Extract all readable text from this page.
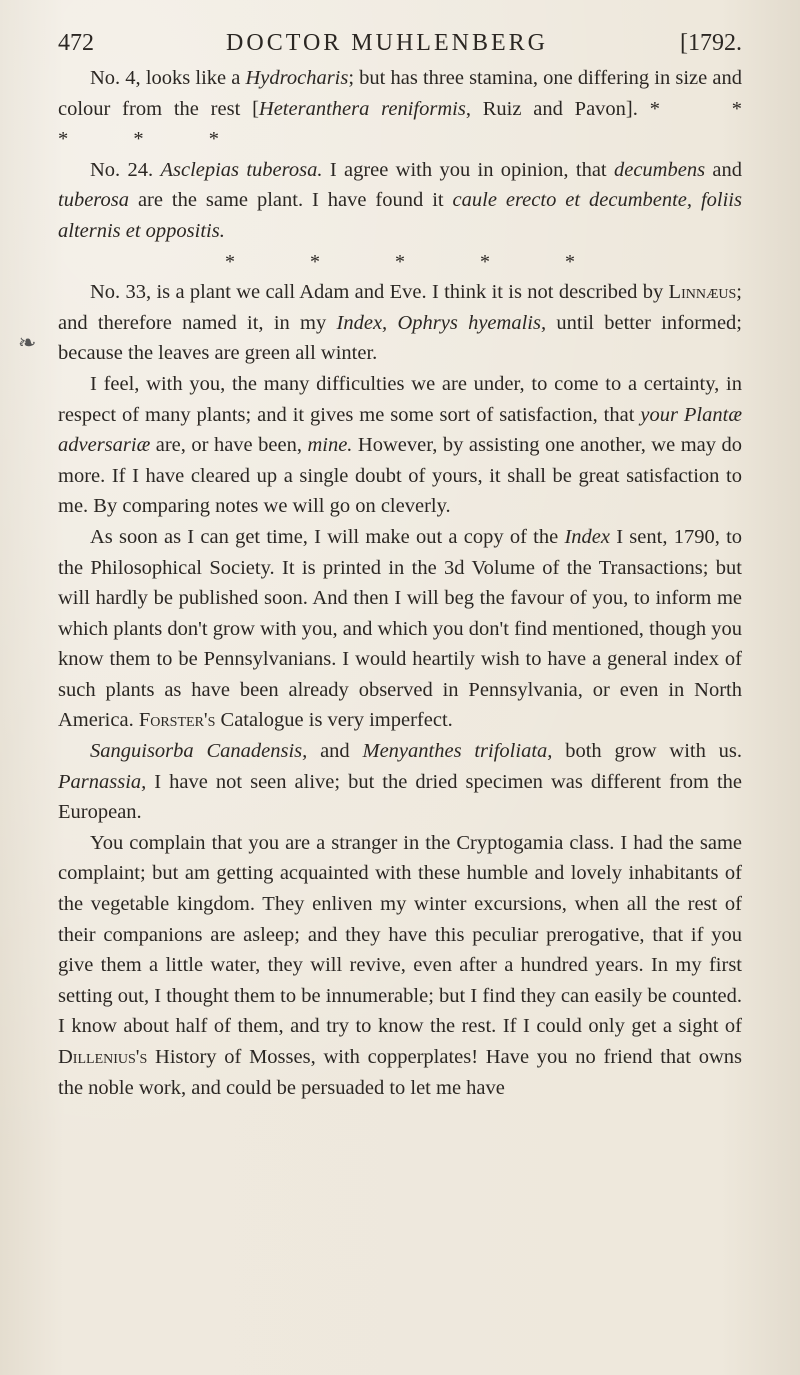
❧
472	DOCTOR MUHLENBERG	[1792.

No. 4, looks like a Hydrocharis; but has three stamina, one differing in size and colour from the rest [Heteranthera reniformis, Ruiz and Pavon]. * * * * *

No. 24. Asclepias tuberosa. I agree with you in opinion, that decumbens and tuberosa are the same plant. I have found it caule erecto et decumbente, foliis alternis et oppositis.

* * * * *

No. 33, is a plant we call Adam and Eve. I think it is not described by Linnæus; and therefore named it, in my Index, Ophrys hyemalis, until better informed; because the leaves are green all winter.

I feel, with you, the many difficulties we are under, to come to a certainty, in respect of many plants; and it gives me some sort of satisfaction, that your Plantæ adversariæ are, or have been, mine. However, by assisting one another, we may do more. If I have cleared up a single doubt of yours, it shall be great satisfaction to me. By comparing notes we will go on cleverly.

As soon as I can get time, I will make out a copy of the Index I sent, 1790, to the Philosophical Society. It is printed in the 3d Volume of the Transactions; but will hardly be published soon. And then I will beg the favour of you, to inform me which plants don't grow with you, and which you don't find mentioned, though you know them to be Pennsylvanians. I would heartily wish to have a general index of such plants as have been already observed in Pennsylvania, or even in North America. Forster's Catalogue is very imperfect.

Sanguisorba Canadensis, and Menyanthes trifoliata, both grow with us. Parnassia, I have not seen alive; but the dried specimen was different from the European.

You complain that you are a stranger in the Cryptogamia class. I had the same complaint; but am getting acquainted with these humble and lovely inhabitants of the vegetable kingdom. They enliven my winter excursions, when all the rest of their companions are asleep; and they have this peculiar prerogative, that if you give them a little water, they will revive, even after a hundred years. In my first setting out, I thought them to be innumerable; but I find they can easily be counted. I know about half of them, and try to know the rest. If I could only get a sight of Dillenius's History of Mosses, with copperplates! Have you no friend that owns the noble work, and could be persuaded to let me have
